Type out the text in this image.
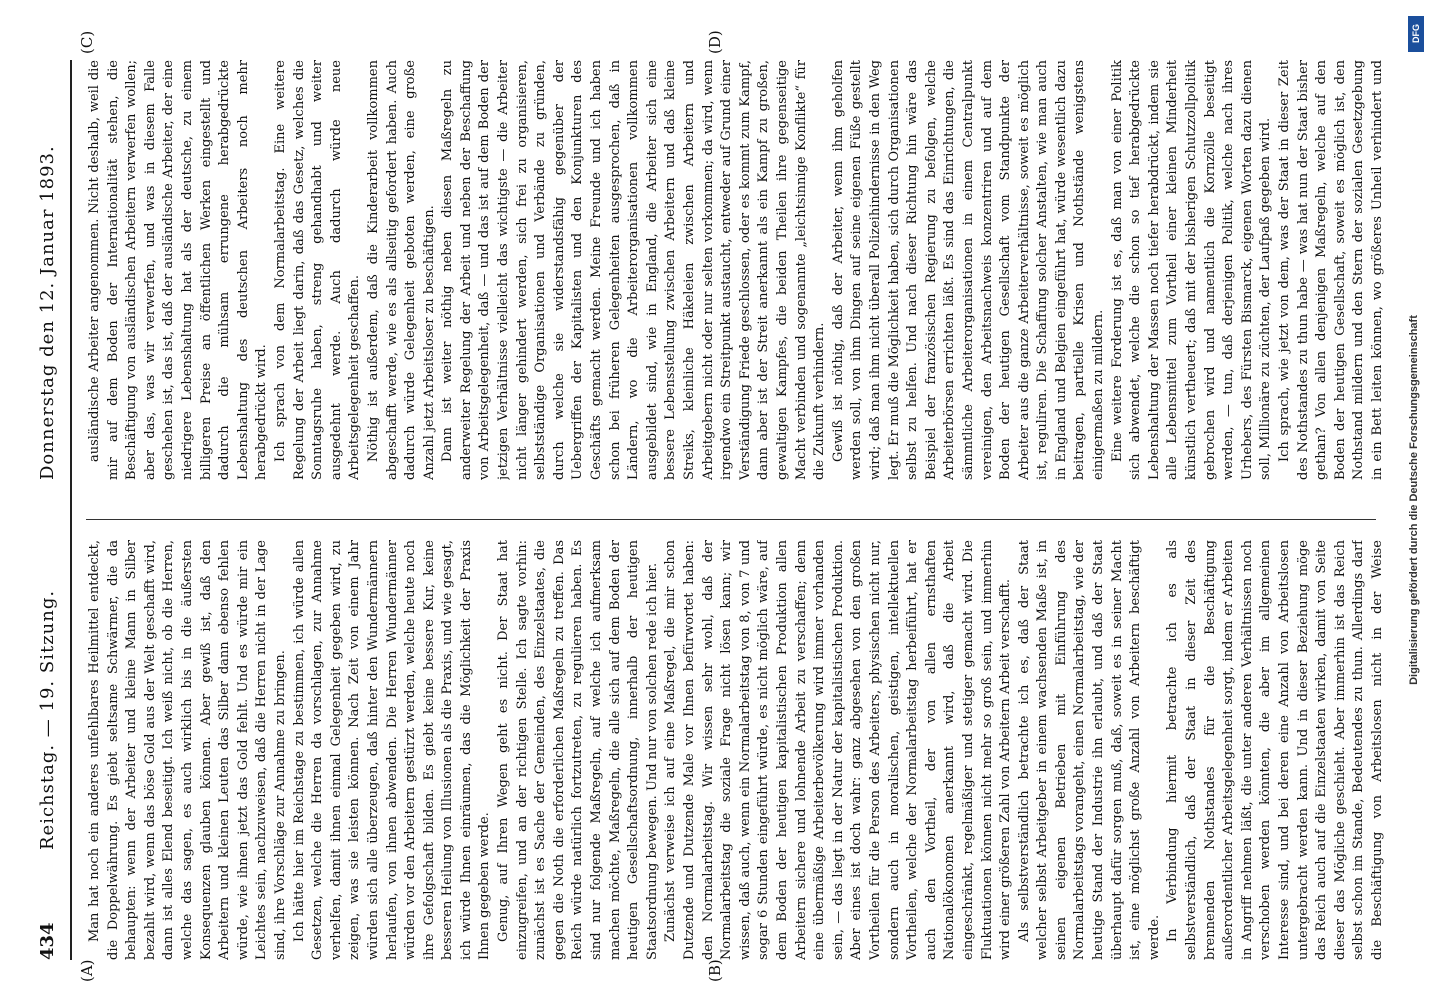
434
Reichstag. — 19. Sitzung.
Donnerstag den 12. Januar 1893.
(A)	(B)
(C)	(D)

Man hat noch ein anderes unfehlbares Heilmittel entdeckt, die Doppelwährung. Es giebt seltsame Schwärmer, die da behaupten: wenn der Arbeiter und kleine Mann in Silber bezahlt wird, wenn das böse Gold aus der Welt geschafft wird, dann ist alles Elend beseitigt. Ich weiß nicht, ob die Herren, welche das sagen, es auch wirklich bis in die äußersten Konsequenzen glauben können. Aber gewiß ist, daß den Arbeitern und kleinen Leuten das Silber dann ebenso fehlen würde, wie ihnen jetzt das Gold fehlt. Und es würde mir ein Leichtes sein, nachzuweisen, daß die Herren nicht in der Lage sind, ihre Vorschläge zur Annahme zu bringen. Ich hätte hier im Reichstage zu bestimmen, ich würde allen Gesetzen, welche die Herren da vorschlagen, zur Annahme verhelfen, damit ihnen einmal Gelegenheit gegeben wird, zu zeigen, was sie leisten können. Nach Zeit von einem Jahr würden sich alle überzeugen, daß hinter den Wundermännern herlaufen, von ihnen abwenden. Die Herren Wundermänner würden vor den Arbeitern gestürzt werden, welche heute noch ihre Gefolgschaft bilden. Es giebt keine bessere Kur, keine besseren Heilung von Illusionen als die Praxis, und wie gesagt, ich würde Ihnen einräumen, das die Möglichkeit der Praxis Ihnen gegeben werde. Genug, auf Ihren Wegen geht es nicht. Der Staat hat einzugreifen, und an der richtigen Stelle. Ich sagte vorhin: zunächst ist es Sache der Gemeinden, des Einzelstaates, die gegen die Noth die erforderlichen Maßregeln zu treffen. Das Reich würde natürlich fortzutreten, zu regulieren haben. Es sind nur folgende Maßregeln, auf welche ich aufmerksam machen möchte, Maßregeln, die alle sich auf dem Boden der heutigen Gesellschaftsordnung, innerhalb der heutigen Staatsordnung bewegen. Und nur von solchen rede ich hier. Zunächst verweise ich auf eine Maßregel, die mir schon Dutzende und Dutzende Male vor Ihnen befürwortet haben: den Normalarbeitstag. Wir wissen sehr wohl, daß der Normalarbeitstag die soziale Frage nicht lösen kann; wir wissen, daß auch, wenn ein Normalarbeitstag von 8, von 7 und sogar 6 Stunden eingeführt würde, es nicht möglich wäre, auf dem Boden der heutigen kapitalistischen Produktion allen Arbeitern sichere und lohnende Arbeit zu verschaffen; denn eine übermäßige Arbeiterbevölkerung wird immer vorhanden sein, — das liegt in der Natur der kapitalistischen Produktion. Aber eines ist doch wahr: ganz abgesehen von den großen Vortheilen für die Person des Arbeiters, physischen nicht nur, sondern auch in moralischen, geistigen, intellektuellen Vortheilen, welche der Normalarbeitstag herbeiführt, hat er auch den Vortheil, der von allen ernsthaften Nationalökonomen anerkannt wird, daß die Arbeit eingeschränkt, regelmäßiger und stetiger gemacht wird. Die Fluktuationen können nicht mehr so groß sein, und immerhin wird einer größeren Zahl von Arbeitern Arbeit verschafft. Als selbstverständlich betrachte ich es, daß der Staat welcher selbst Arbeitgeber in einem wachsenden Maße ist, in seinen eigenen Betrieben mit Einführung des Normalarbeitstags vorangeht, einen Normalarbeitstag, wie der heutige Stand der Industrie ihn erlaubt, und daß der Staat überhaupt dafür sorgen muß, daß, soweit es in seiner Macht ist, eine möglichst große Anzahl von Arbeitern beschäftigt werde. In Verbindung hiermit betrachte ich es als selbstverständlich, daß der Staat in dieser Zeit des brennenden Nothstandes für die Beschäftigung außerordentlicher Arbeitsgelegenheit sorgt, indem er Arbeiten in Angriff nehmen läßt, die unter anderen Verhältnissen noch verschoben werden könnten, die aber im allgemeinen Interesse sind, und bei deren eine Anzahl von Arbeitslosen untergebracht werden kann. Und in dieser Beziehung möge das Reich auch auf die Einzelstaaten wirken, damit von Seite dieser das Mögliche geschieht. Aber immerhin ist das Reich selbst schon im Stande, Bedeutendes zu thun. Allerdings darf die Beschäftigung von Arbeitslosen nicht in der Weise

ausländische Arbeiter angenommen. Nicht deshalb, weil die mir auf dem Boden der Internationalität stehen, die Beschäftigung von ausländischen Arbeitern verwerfen wollen; aber das, was wir verwerfen, und was in diesem Falle geschehen ist, das ist, daß der ausländische Arbeiter, der eine niedrigere Lebenshaltung hat als der deutsche, zu einem billigeren Preise an öffentlichen Werken eingestellt und dadurch die mühsam errungene herabgedrückte Lebenshaltung des deutschen Arbeiters noch mehr herabgedrückt wird. Ich sprach von dem Normalarbeitstag. Eine weitere Regelung der Arbeit liegt darin, daß das Gesetz, welches die Sonntagsruhe haben, streng gehandhabt und weiter ausgedehnt werde. Auch dadurch würde neue Arbeitsgelegenheit geschaffen. Nöthig ist außerdem, daß die Kinderarbeit vollkommen abgeschafft werde, wie es als allseitig gefordert haben. Auch dadurch würde Gelegenheit geboten werden, eine große Anzahl jetzt Arbeitsloser zu beschäftigen. Dann ist weiter nöthig neben diesen Maßregeln zu anderweiter Regelung der Arbeit und neben der Beschaffung von Arbeitsgelegenheit, daß — und das ist auf dem Boden der jetzigen Verhältnisse vielleicht das wichtigste — die Arbeiter nicht länger gehindert werden, sich frei zu organisieren, selbstständige Organisationen und Verbände zu gründen, durch welche sie widerstandsfähig gegenüber der Uebergriffen der Kapitalisten und den Konjunkturen des Geschäfts gemacht werden. Meine Freunde und ich haben schon bei früheren Gelegenheiten ausgesprochen, daß in Ländern, wo die Arbeiterorganisationen vollkommen ausgebildet sind, wie in England, die Arbeiter sich eine bessere Lebensstellung zwischen Arbeitern und daß kleine Streiks, kleinliche Häkeleien zwischen Arbeitern und Arbeitgebern nicht oder nur selten vorkommen; da wird, wenn irgendwo ein Streitpunkt austaucht, entweder auf Grund einer Verständigung Friede geschlossen, oder es kommt zum Kampf, dann aber ist der Streit anerkannt als ein Kampf zu großen, gewaltigen Kampfes, die beiden Theilen ihre gegenseitige Macht verbinden und sogenannte „leichtsinnige Konflikte“ für die Zukunft verhindern. Gewiß ist nöthig, daß der Arbeiter, wenn ihm geholfen werden soll, von ihm Dingen auf seine eigenen Füße gestellt wird; daß man ihm nicht überall Polizeihindernisse in den Weg legt. Er muß die Möglichkeit haben, sich durch Organisationen selbst zu helfen. Und nach dieser Richtung hin wäre das Beispiel der französischen Regierung zu befolgen, welche Arbeiterbörsen errichten läßt. Es sind das Einrichtungen, die sämmtliche Arbeiterorganisationen in einem Centralpunkt vereinigen, den Arbeitsnachweis konzentriren und auf dem Boden der heutigen Gesellschaft vom Standpunkte der Arbeiter aus die ganze Arbeiterverhältnisse, soweit es möglich ist, reguliren. Die Schaffung solcher Anstalten, wie man auch in England und Belgien eingeführt hat, würde wesentlich dazu beitragen, partielle Krisen und Nothstände wenigstens einigermaßen zu mildern. Eine weitere Forderung ist es, daß man von einer Politik sich abwendet, welche die schon so tief herabgedrückte Lebenshaltung der Massen noch tiefer herabdrückt, indem sie alle Lebensmittel zum Vortheil einer kleinen Minderheit künstlich vertheuert; daß mit der bisherigen Schutzzollpolitik gebrochen wird und namentlich die Kornzölle beseitigt werden, — tun, daß derjenigen Politik, welche nach ihres Urhebers, des Fürsten Bismarck, eigenen Worten dazu dienen soll, Millionäre zu züchten, der Laufpaß gegeben wird. Ich sprach, wie jetzt von dem, was der Staat in dieser Zeit des Nothstandes zu thun habe — was hat nun der Staat bisher gethan? Von allen denjenigen Maßregeln, welche auf den Boden der heutigen Gesellschaft, soweit es möglich ist, den Nothstand mildern und den Stern der sozialen Gesetzgebung in ein Bett leiten können, wo größeres Unheil verhindert und

Digitalisierung gefördert durch die Deutsche Forschungsgemeinschaft
DFG
